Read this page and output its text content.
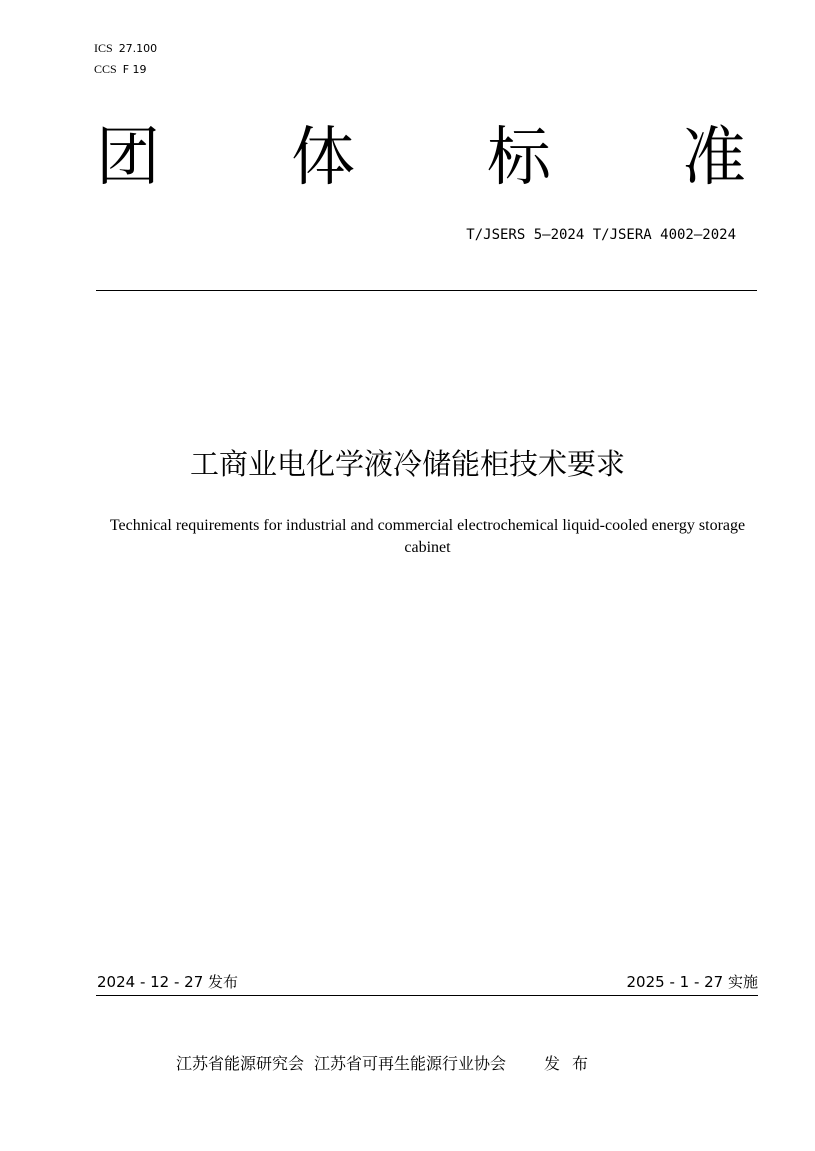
ICS 27.100
CCS F 19
团 体 标 准
T/JSERS 5—2024 T/JSERA 4002—2024
工商业电化学液冷储能柜技术要求
Technical requirements for industrial and commercial electrochemical liquid-cooled energy storage cabinet
2024 - 12 - 27 发布	2025 - 1 - 27 实施
江苏省能源研究会 江苏省可再生能源行业协会 发布
